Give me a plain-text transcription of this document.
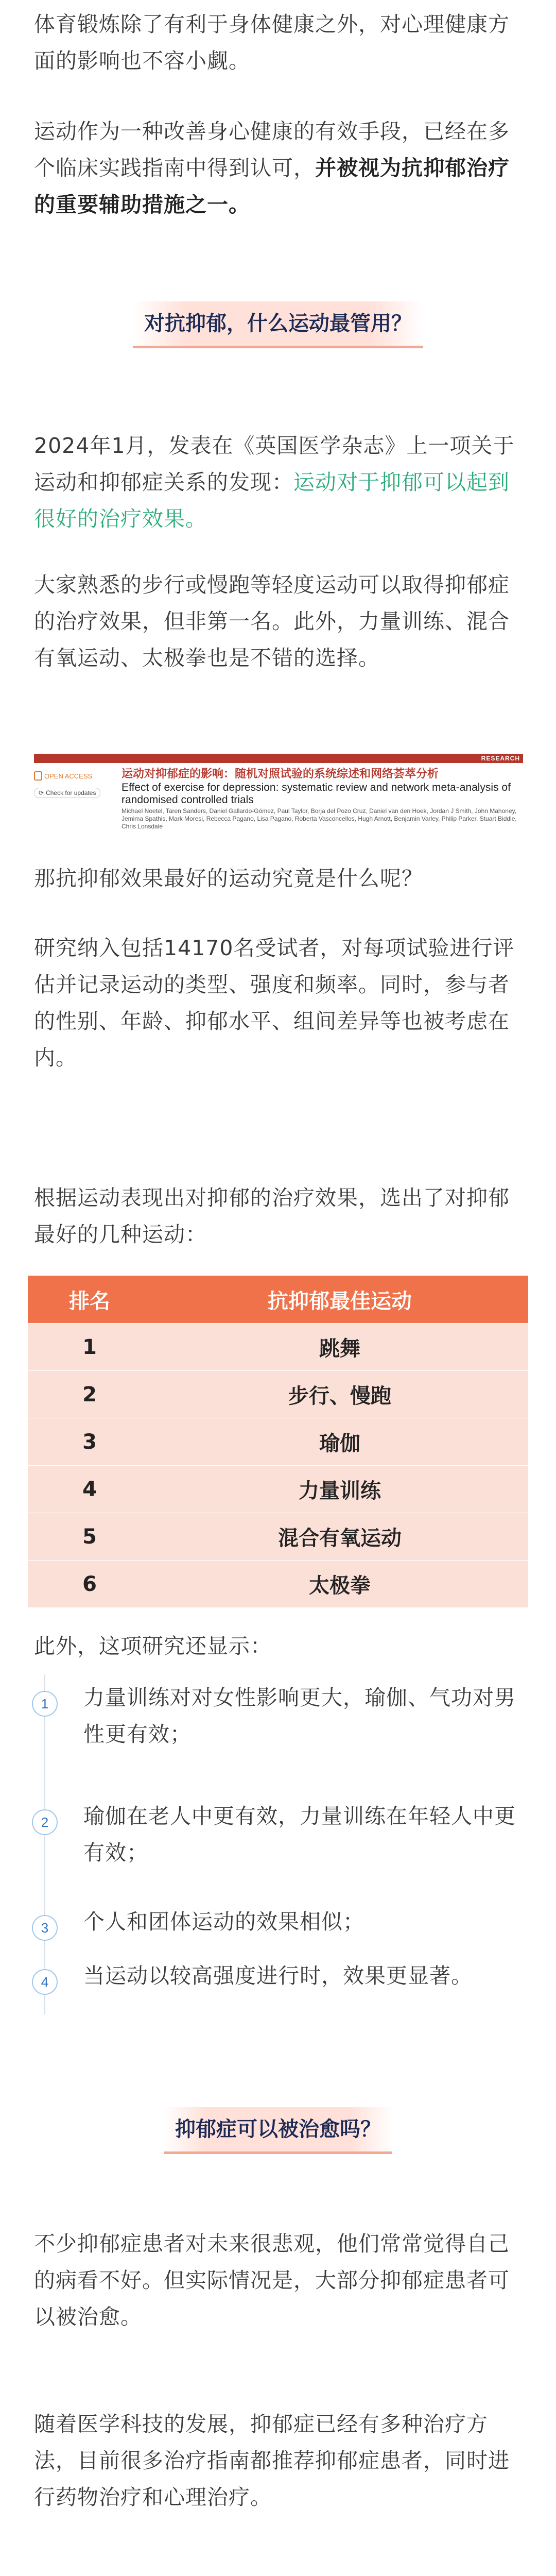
体育锻炼除了有利于身体健康之外，对心理健康方面的影响也不容小觑。

运动作为一种改善身心健康的有效手段，已经在多个临床实践指南中得到认可，并被视为抗抑郁治疗的重要辅助措施之一。

对抗抑郁，什么运动最管用？

2024年1月，发表在《英国医学杂志》上一项关于运动和抑郁症关系的发现：运动对于抑郁可以起到很好的治疗效果。

大家熟悉的步行或慢跑等轻度运动可以取得抑郁症的治疗效果，但非第一名。此外，力量训练、混合有氧运动、太极拳也是不错的选择。

RESEARCH
运动对抑郁症的影响：随机对照试验的系统综述和网络荟萃分析
OPEN ACCESS
⟳ Check for updates Effect of exercise for depression: systematic review and network meta-analysis of randomised controlled trials
Michael Noetel, Taren Sanders, Daniel Gallardo-Gómez, Paul Taylor, Borja del Pozo Cruz, Daniel van den Hoek, Jordan J Smith, John Mahoney, Jemima Spathis, Mark Moresi, Rebecca Pagano, Lisa Pagano, Roberta Vasconcellos, Hugh Arnott, Benjamin Varley, Philip Parker, Stuart Biddle, Chris Lonsdale

那抗抑郁效果最好的运动究竟是什么呢？

研究纳入包括14170名受试者，对每项试验进行评估并记录运动的类型、强度和频率。同时，参与者的性别、年龄、抑郁水平、组间差异等也被考虑在内。

根据运动表现出对抑郁的治疗效果，选出了对抑郁最好的几种运动：

排名	抗抑郁最佳运动
1	跳舞
2	步行、慢跑
3	瑜伽
4	力量训练
5	混合有氧运动
6	太极拳

此外，这项研究还显示：

1	力量训练对对女性影响更大，瑜伽、气功对男性更有效；

2	瑜伽在老人中更有效，力量训练在年轻人中更有效；

3	个人和团体运动的效果相似；

4	当运动以较高强度进行时，效果更显著。

抑郁症可以被治愈吗？

不少抑郁症患者对未来很悲观，他们常常觉得自己的病看不好。但实际情况是，大部分抑郁症患者可以被治愈。

随着医学科技的发展，抑郁症已经有多种治疗方法，目前很多治疗指南都推荐抑郁症患者，同时进行药物治疗和心理治疗。
